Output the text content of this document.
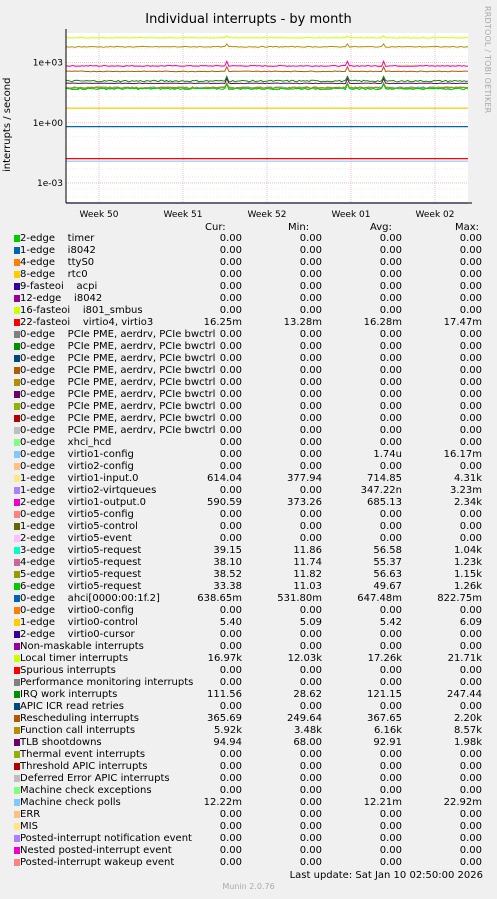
Individual interrupts - by month	RRDTOOL / TOBI OETIKER
interrupts / second
1e+03
1e+00
1e-03
Week 50	Week 51	Week 52	Week 01	Week 02
Cur:	Min:	Avg:	Max:
2-edge    timer	0.00	0.00	0.00	0.00
1-edge    i8042	0.00	0.00	0.00	0.00
4-edge    ttyS0	0.00	0.00	0.00	0.00
8-edge    rtc0	0.00	0.00	0.00	0.00
9-fasteoi    acpi	0.00	0.00	0.00	0.00
12-edge    i8042	0.00	0.00	0.00	0.00
16-fasteoi    i801_smbus	0.00	0.00	0.00	0.00
22-fasteoi    virtio4, virtio3	16.25m	13.28m	16.28m	17.47m
0-edge    PCIe PME, aerdrv, PCIe bwctrl 0.00	0.00	0.00	0.00
0-edge    PCIe PME, aerdrv, PCIe bwctrl 0.00	0.00	0.00	0.00
0-edge    PCIe PME, aerdrv, PCIe bwctrl 0.00	0.00	0.00	0.00
0-edge    PCIe PME, aerdrv, PCIe bwctrl 0.00	0.00	0.00	0.00
0-edge    PCIe PME, aerdrv, PCIe bwctrl 0.00	0.00	0.00	0.00
0-edge    PCIe PME, aerdrv, PCIe bwctrl 0.00	0.00	0.00	0.00
0-edge    PCIe PME, aerdrv, PCIe bwctrl 0.00	0.00	0.00	0.00
0-edge    PCIe PME, aerdrv, PCIe bwctrl 0.00	0.00	0.00	0.00
0-edge    PCIe PME, aerdrv, PCIe bwctrl 0.00	0.00	0.00	0.00
0-edge    xhci_hcd	0.00	0.00	0.00	0.00
0-edge    virtio1-config	0.00	0.00	1.74u	16.17m
0-edge    virtio2-config	0.00	0.00	0.00	0.00
1-edge    virtio1-input.0	614.04	377.94	714.85	4.31k
1-edge    virtio2-virtqueues	0.00	0.00	347.22n	3.23m
2-edge    virtio1-output.0	590.59	373.26	685.13	2.34k
0-edge    virtio5-config	0.00	0.00	0.00	0.00
1-edge    virtio5-control	0.00	0.00	0.00	0.00
2-edge    virtio5-event	0.00	0.00	0.00	0.00
3-edge    virtio5-request	39.15	11.86	56.58	1.04k
4-edge    virtio5-request	38.10	11.74	55.37	1.23k
5-edge    virtio5-request	38.52	11.82	56.63	1.15k
6-edge    virtio5-request	33.38	11.03	49.67	1.26k
0-edge    ahci[0000:00:1f.2]	638.65m	531.80m	647.48m	822.75m
0-edge    virtio0-config	0.00	0.00	0.00	0.00
1-edge    virtio0-control	5.40	5.09	5.42	6.09
2-edge    virtio0-cursor	0.00	0.00	0.00	0.00
Non-maskable interrupts	0.00	0.00	0.00	0.00
Local timer interrupts	16.97k	12.03k	17.26k	21.71k
Spurious interrupts	0.00	0.00	0.00	0.00
Performance monitoring interrupts	0.00	0.00	0.00	0.00
IRQ work interrupts	111.56	28.62	121.15	247.44
APIC ICR read retries	0.00	0.00	0.00	0.00
Rescheduling interrupts	365.69	249.64	367.65	2.20k
Function call interrupts	5.92k	3.48k	6.16k	8.57k
TLB shootdowns	94.94	68.00	92.91	1.98k
Thermal event interrupts	0.00	0.00	0.00	0.00
Threshold APIC interrupts	0.00	0.00	0.00	0.00
Deferred Error APIC interrupts	0.00	0.00	0.00	0.00
Machine check exceptions	0.00	0.00	0.00	0.00
Machine check polls	12.22m	0.00	12.21m	22.92m
ERR	0.00	0.00	0.00	0.00
MIS	0.00	0.00	0.00	0.00
Posted-interrupt notification event	0.00	0.00	0.00	0.00
Nested posted-interrupt event	0.00	0.00	0.00	0.00
Posted-interrupt wakeup event	0.00	0.00	0.00	0.00
Last update: Sat Jan 10 02:50:00 2026
Munin 2.0.76
